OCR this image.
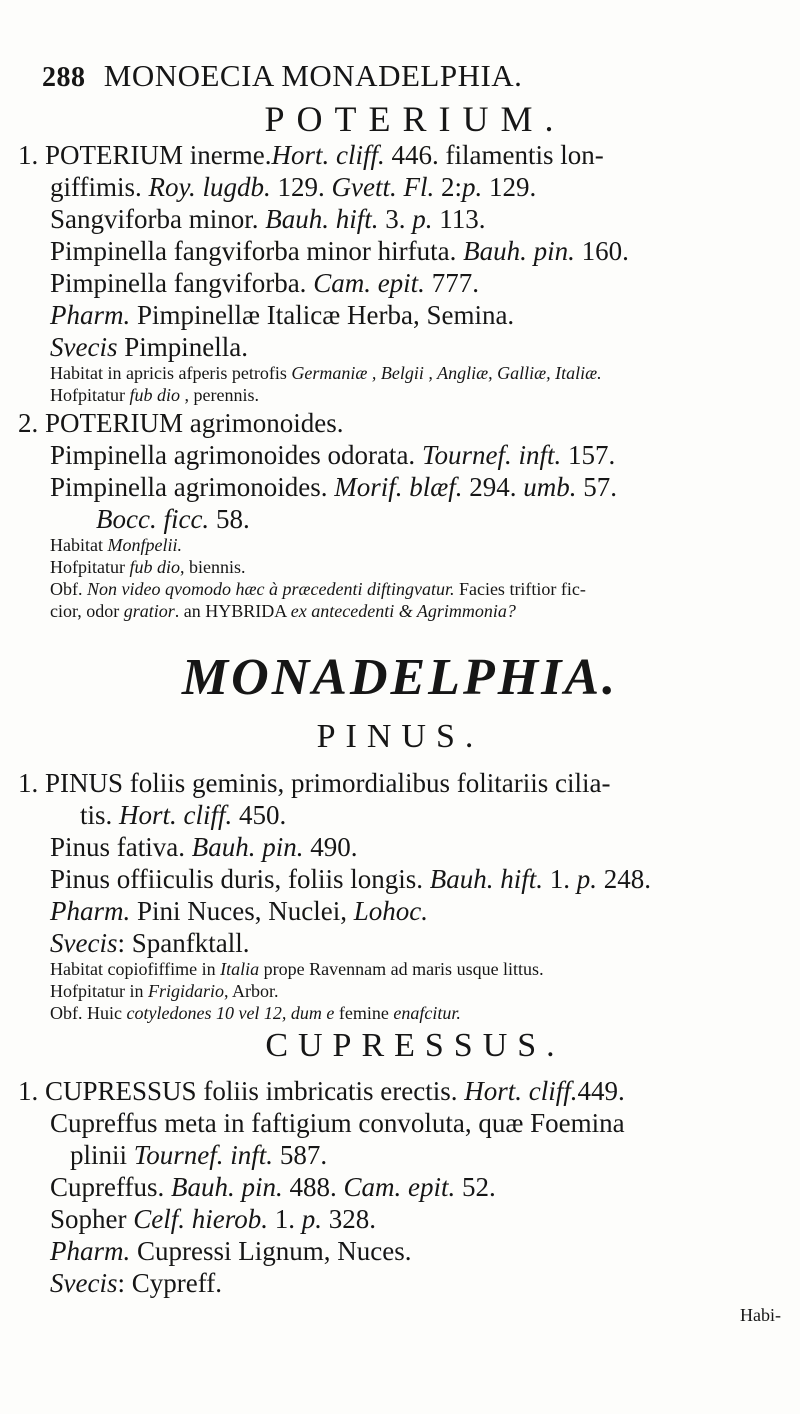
288 MONOECIA MONADELPHIA.
POTERIUM.
MONADELPHIA.
PINUS.
CUPRESSUS.
1. POTERIUM inerme.Hort. cliff. 446. filamentis lon-
giffimis. Roy. lugdb. 129. Gvett. Fl. 2:p. 129.
Sangviforba minor. Bauh. hift. 3. p. 113.
Pimpinella fangviforba minor hirfuta. Bauh. pin. 160.
Pimpinella fangviforba. Cam. epit. 777.
Pharm. Pimpinellæ Italicæ Herba, Semina.
Svecis Pimpinella.
Habitat in apricis afperis petrofis Germaniæ , Belgii , Angliæ, Galliæ, Italiæ.
Hofpitatur fub dio , perennis.
2. POTERIUM agrimonoides.
Pimpinella agrimonoides odorata. Tournef. inft. 157.
Pimpinella agrimonoides. Morif. blæf. 294. umb. 57.
Bocc. ficc. 58.
Habitat Monfpelii.
Hofpitatur fub dio, biennis.
Obf. Non video qvomodo hæc à præcedenti diftingvatur. Facies triftior fic-
cior, odor gratior. an HYBRIDA ex antecedenti & Agrimmonia?
1. PINUS foliis geminis, primordialibus folitariis cilia-
tis. Hort. cliff. 450.
Pinus fativa. Bauh. pin. 490.
Pinus offiiculis duris, foliis longis. Bauh. hift. 1. p. 248.
Pharm. Pini Nuces, Nuclei, Lohoc.
Svecis: Spanfktall.
Habitat copiofiffime in Italia prope Ravennam ad maris usque littus.
Hofpitatur in Frigidario, Arbor.
Obf. Huic cotyledones 10 vel 12, dum e femine enafcitur.
1. CUPRESSUS foliis imbricatis erectis. Hort. cliff.449.
Cupreffus meta in faftigium convoluta, quæ Foemina
plinii Tournef. inft. 587.
Cupreffus. Bauh. pin. 488. Cam. epit. 52.
Sopher Celf. hierob. 1. p. 328.
Pharm. Cupressi Lignum, Nuces.
Svecis: Cypreff.
Habi-
